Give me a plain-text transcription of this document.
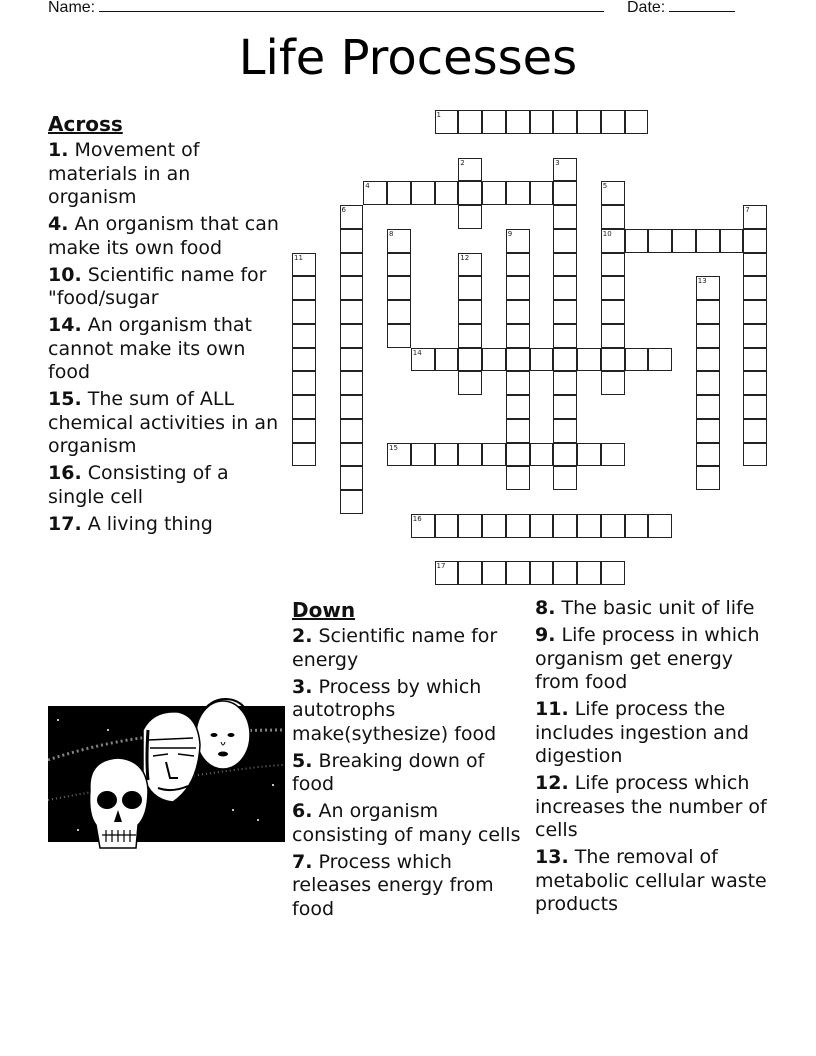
Name:	Date:
Life Processes
1
2	3
4	5
10
6	7
8	9
11	12
13
14
15
16
17
Across
1. Movement of materials in an organism
4. An organism that can make its own food
10. Scientific name for "food/sugar
14. An organism that cannot make its own food
15. The sum of ALL chemical activities in an organism
16. Consisting of a single cell
17. A living thing
Down
2. Scientific name for energy
3. Process by which autotrophs make(sythesize) food
5. Breaking down of food
6. An organism consisting of many cells
7. Process which releases energy from food
8. The basic unit of life
9. Life process in which organism get energy from food
11. Life process the includes ingestion and digestion
12. Life process which increases the number of cells
13. The removal of metabolic cellular waste products
